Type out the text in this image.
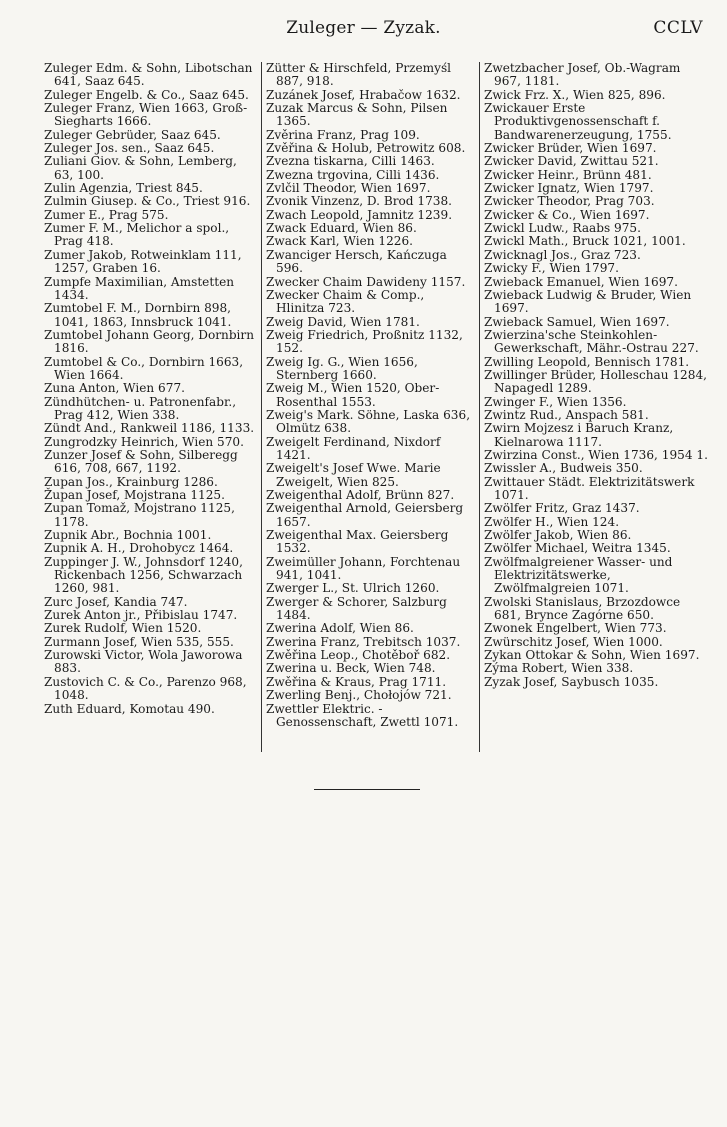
Zuleger — Zyzak.	CCLV

Zuleger Edm. & Sohn, Libotschan 641, Saaz 645.

Zuleger Engelb. & Co., Saaz 645.

Zuleger Franz, Wien 1663, Groß-Siegharts 1666.

Zuleger Gebrüder, Saaz 645.

Zuleger Jos. sen., Saaz 645.

Zuliani Giov. & Sohn, Lemberg, 63, 100.

Zulin Agenzia, Triest 845.

Zulmin Giusep. & Co., Triest 916.

Zumer E., Prag 575.

Zumer F. M., Melichor a spol., Prag 418.

Zumer Jakob, Rotweinklam 111, 1257, Graben 16.

Zumpfe Maximilian, Amstetten 1434.

Zumtobel F. M., Dornbirn 898, 1041, 1863, Innsbruck 1041.

Zumtobel Johann Georg, Dornbirn 1816.

Zumtobel & Co., Dornbirn 1663, Wien 1664.

Zuna Anton, Wien 677.

Zündhütchen- u. Patronenfabr., Prag 412, Wien 338.

Zündt And., Rankweil 1186, 1133.

Zungrodzky Heinrich, Wien 570.

Zunzer Josef & Sohn, Silberegg 616, 708, 667, 1192.

Zupan Jos., Krainburg 1286.

Župan Josef, Mojstrana 1125.

Zupan Tomaž, Mojstrano 1125, 1178.

Zupnik Abr., Bochnia 1001.

Zupnik A. H., Drohobycz 1464.

Zuppinger J. W., Johnsdorf 1240, Rickenbach 1256, Schwarzach 1260, 981.

Zurc Josef, Kandia 747.

Zurek Anton jr., Přibislau 1747.

Zurek Rudolf, Wien 1520.

Zurmann Josef, Wien 535, 555.

Zurowski Victor, Wola Jaworowa 883.

Zustovich C. & Co., Parenzo 968, 1048.

Zuth Eduard, Komotau 490.

Zütter & Hirschfeld, Przemyśl 887, 918.

Zuzánek Josef, Hrabačow 1632.

Zuzak Marcus & Sohn, Pilsen 1365.

Zvěrina Franz, Prag 109.

Zvěřina & Holub, Petrowitz 608.

Zvezna tiskarna, Cilli 1463.

Zwezna trgovina, Cilli 1436.

Zvlčil Theodor, Wien 1697.

Zvonik Vinzenz, D. Brod 1738.

Zwach Leopold, Jamnitz 1239.

Zwack Eduard, Wien 86.

Zwack Karl, Wien 1226.

Zwanciger Hersch, Kańczuga 596.

Zwecker Chaim Dawideny 1157.

Zwecker Chaim & Comp., Hlinitza 723.

Zweig David, Wien 1781.

Zweig Friedrich, Proßnitz 1132, 152.

Zweig Ig. G., Wien 1656, Sternberg 1660.

Zweig M., Wien 1520, Ober-Rosenthal 1553.

Zweig's Mark. Söhne, Laska 636, Olmütz 638.

Zweigelt Ferdinand, Nixdorf 1421.

Zweigelt's Josef Wwe. Marie Zweigelt, Wien 825.

Zweigenthal Adolf, Brünn 827.

Zweigenthal Arnold, Geiersberg 1657.

Zweigenthal Max. Geiersberg 1532.

Zweimüller Johann, Forchtenau 941, 1041.

Zwerger L., St. Ulrich 1260.

Zwerger & Schorer, Salzburg 1484.

Zwerina Adolf, Wien 86.

Zwerina Franz, Trebitsch 1037.

Zwěřina Leop., Chotěboř 682.

Zwerina u. Beck, Wien 748.

Zwěřina & Kraus, Prag 1711.

Zwerling Benj., Chołojów 721.

Zwettler Elektric. - Genossenschaft, Zwettl 1071.

Zwetzbacher Josef, Ob.-Wagram 967, 1181.

Zwick Frz. X., Wien 825, 896.

Zwickauer Erste Produktivgenossenschaft f. Bandwarenerzeugung, 1755.

Zwicker Brüder, Wien 1697.

Zwicker David, Zwittau 521.

Zwicker Heinr., Brünn 481.

Zwicker Ignatz, Wien 1797.

Zwicker Theodor, Prag 703.

Zwicker & Co., Wien 1697.

Zwickl Ludw., Raabs 975.

Zwickl Math., Bruck 1021, 1001.

Zwicknagl Jos., Graz 723.

Zwicky F., Wien 1797.

Zwieback Emanuel, Wien 1697.

Zwieback Ludwig & Bruder, Wien 1697.

Zwieback Samuel, Wien 1697.

Zwierzina'sche Steinkohlen-Gewerkschaft, Mähr.-Ostrau 227.

Zwilling Leopold, Bennisch 1781.

Zwillinger Brüder, Holleschau 1284, Napagedl 1289.

Zwinger F., Wien 1356.

Zwintz Rud., Anspach 581.

Zwirn Mojzesz i Baruch Kranz, Kielnarowa 1117.

Zwirzina Const., Wien 1736, 1954 1.

Zwissler A., Budweis 350.

Zwittauer Städt. Elektrizitätswerk 1071.

Zwölfer Fritz, Graz 1437.

Zwölfer H., Wien 124.

Zwölfer Jakob, Wien 86.

Zwölfer Michael, Weitra 1345.

Zwölfmalgreiener Wasser- und Elektrizitätswerke, Zwölfmalgreien 1071.

Zwolski Stanislaus, Brzozdowce 681, Brynce Zagórne 650.

Zwonek Engelbert, Wien 773.

Zwürschitz Josef, Wien 1000.

Zykan Ottokar & Sohn, Wien 1697.

Zýma Robert, Wien 338.

Zyzak Josef, Saybusch 1035.
